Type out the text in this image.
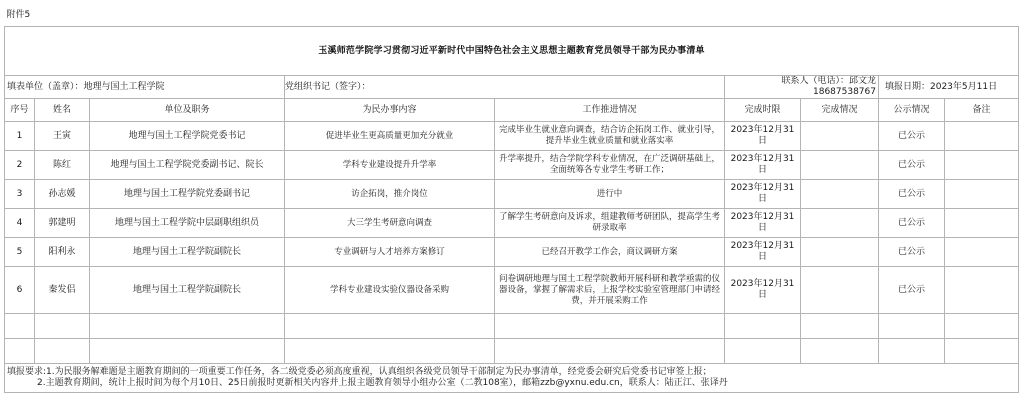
附件5								
玉溪师范学院学习贯彻习近平新时代中国特色社会主义思想主题教育党员领导干部为民办事清单								
填表单位（盖章）：地理与国土工程学院			党组织书记（签字）：		联系人（电话）：邱文龙 18687538767		填报日期：2023年5月11日	
序号	姓名	单位及职务	为民办事内容	工作推进情况	完成时限	完成情况	公示情况	备注
1	王寅	地理与国土工程学院党委书记	促进毕业生更高质量更加充分就业	完成毕业生就业意向调查，结合访企拓岗工作、就业引导，提升毕业生就业质量和就业落实率	2023年12月31日		已公示	
2	陈红	地理与国土工程学院党委副书记、院长	学科专业建设提升升学率	升学率提升，结合学院学科专业情况，在广泛调研基础上，全面统筹各专业学生考研工作；	2023年12月31日		已公示	
3	孙志媛	地理与国土工程学院党委副书记	访企拓岗，推介岗位	进行中	2023年12月31日		已公示	
4	郭建明	地理与国土工程学院中层副职组织员	大三学生考研意向调查	了解学生考研意向及诉求，组建教师考研团队，提高学生考研录取率	2023年12月31日		已公示	
5	阳利永	地理与国土工程学院副院长	专业调研与人才培养方案修订	已经召开教学工作会，商议调研方案	2023年12月31日		已公示	
6	秦发侣	地理与国土工程学院副院长	学科专业建设实验仪器设备采购	问卷调研地理与国土工程学院教师开展科研和教学亟需的仪器设备，掌握了解需求后，上报学校实验室管理部门申请经费，并开展采购工作	2023年12月31日		已公示	

填报要求:1.为民服务解难题是主题教育期间的一项重要工作任务，各二级党委必须高度重视，认真组织各级党员领导干部制定为民办事清单，经党委会研究后党委书记审签上报；
2.主题教育期间，统计上报时间为每个月10日、25日前报时更新相关内容并上报主题教育领导小组办公室（二教108室），邮箱zzb@yxnu.edu.cn，联系人：陆正江、张译丹								
